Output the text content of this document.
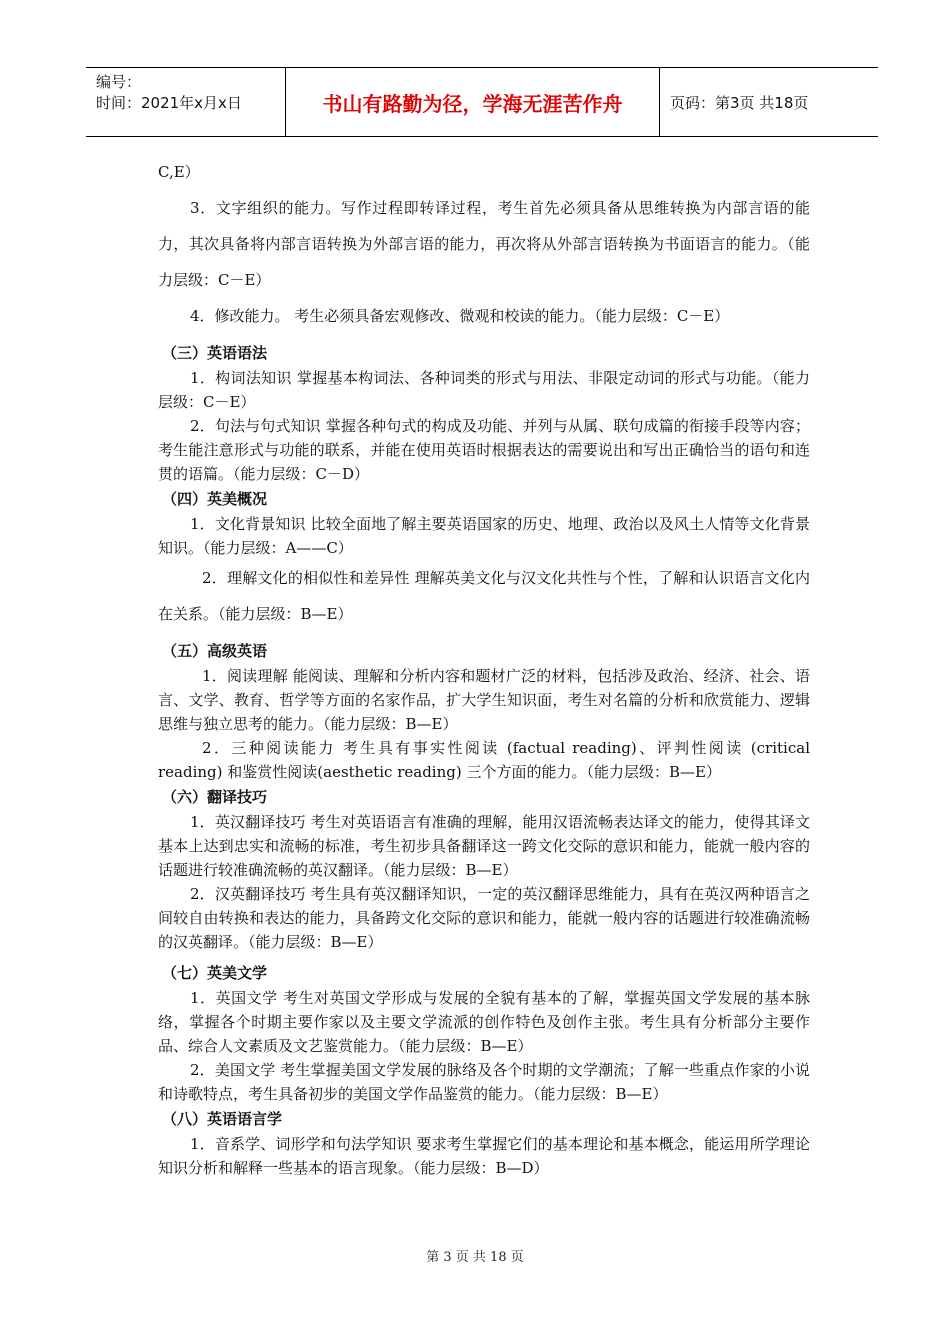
编号：
时间：2021年x月x日	书山有路勤为径，学海无涯苦作舟	页码：第3页 共18页

C,E）

3．文字组织的能力。写作过程即转译过程，考生首先必须具备从思维转换为内部言语的能力，其次具备将内部言语转换为外部言语的能力，再次将从外部言语转换为书面语言的能力。（能力层级：C－E）

4．修改能力。 考生必须具备宏观修改、微观和校读的能力。（能力层级：C－E）

（三）英语语法

1．构词法知识 掌握基本构词法、各种词类的形式与用法、非限定动词的形式与功能。（能力层级：C－E）

2．句法与句式知识 掌握各种句式的构成及功能、并列与从属、联句成篇的衔接手段等内容；考生能注意形式与功能的联系，并能在使用英语时根据表达的需要说出和写出正确恰当的语句和连贯的语篇。（能力层级：C－D）

（四）英美概况

1．文化背景知识 比较全面地了解主要英语国家的历史、地理、政治以及风土人情等文化背景 知识。（能力层级：A——C）

2．理解文化的相似性和差异性 理解英美文化与汉文化共性与个性，了解和认识语言文化内在关系。（能力层级：B—E）

（五）高级英语

1．阅读理解 能阅读、理解和分析内容和题材广泛的材料，包括涉及政治、经济、社会、语言、文学、教育、哲学等方面的名家作品，扩大学生知识面，考生对名篇的分析和欣赏能力、逻辑思维与独立思考的能力。（能力层级：B—E）

2．三种阅读能力 考生具有事实性阅读 (factual reading)、评判性阅读 (critical reading) 和鉴赏性阅读(aesthetic reading) 三个方面的能力。（能力层级：B—E）

（六）翻译技巧

1．英汉翻译技巧 考生对英语语言有准确的理解，能用汉语流畅表达译文的能力，使得其译文基本上达到忠实和流畅的标准，考生初步具备翻译这一跨文化交际的意识和能力，能就一般内容的话题进行较准确流畅的英汉翻译。（能力层级：B—E）

2．汉英翻译技巧 考生具有英汉翻译知识，一定的英汉翻译思维能力，具有在英汉两种语言之间较自由转换和表达的能力，具备跨文化交际的意识和能力，能就一般内容的话题进行较准确流畅的汉英翻译。（能力层级：B—E）

（七）英美文学

1．英国文学 考生对英国文学形成与发展的全貌有基本的了解，掌握英国文学发展的基本脉络，掌握各个时期主要作家以及主要文学流派的创作特色及创作主张。考生具有分析部分主要作品、综合人文素质及文艺鉴赏能力。（能力层级：B—E）

2．美国文学 考生掌握美国文学发展的脉络及各个时期的文学潮流；了解一些重点作家的小说和诗歌特点，考生具备初步的美国文学作品鉴赏的能力。（能力层级：B—E）

（八）英语语言学

1．音系学、词形学和句法学知识 要求考生掌握它们的基本理论和基本概念，能运用所学理论知识分析和解释一些基本的语言现象。（能力层级：B—D）

第 3 页 共 18 页
